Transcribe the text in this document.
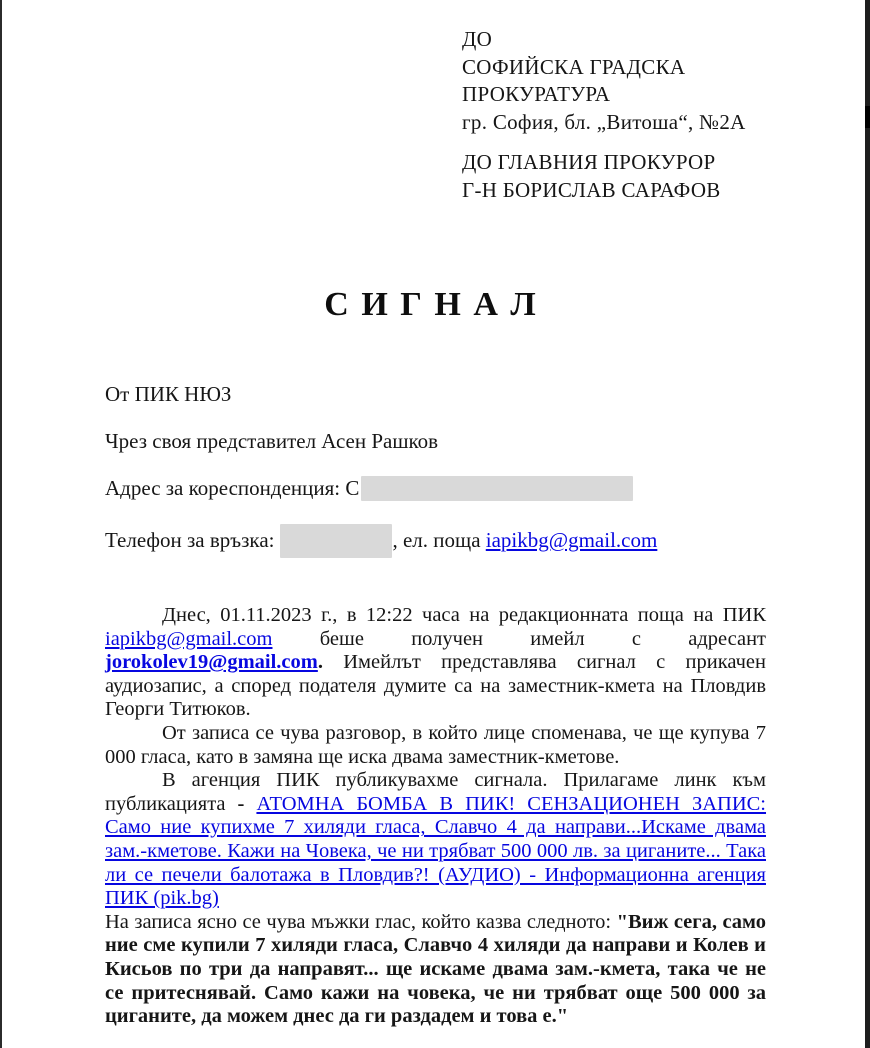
ДО
СОФИЙСКА ГРАДСКА
ПРОКУРАТУРА
гр. София, бл. „Витоша“, №2А
ДО ГЛАВНИЯ ПРОКУРОР
Г-Н БОРИСЛАВ САРАФОВ
С И Г Н А Л
От ПИК НЮЗ
Чрез своя представител Асен Рашков
Адрес за кореспонденция: С
Телефон за връзка:	, ел. поща iapikbg@gmail.com

Днес, 01.11.2023 г., в 12:22 часа на редакционната поща на ПИК iapikbg@gmail.com беше получен имейл с адресант jorokolev19@gmail.com. Имейлът представлява сигнал с прикачен аудиозапис, а според подателя думите са на заместник-кмета на Пловдив Георги Титюков.

От записа се чува разговор, в който лице споменава, че ще купува 7 000 гласа, като в замяна ще иска двама заместник-кметове.

В агенция ПИК публикувахме сигнала. Прилагаме линк към публикацията - АТОМНА БОМБА В ПИК! СЕНЗАЦИОНЕН ЗАПИС: Само ние купихме 7 хиляди гласа, Славчо 4 да направи...Искаме двама зам.-кметове. Кажи на Човека, че ни трябват 500 000 лв. за циганите... Така ли се печели балотажа в Пловдив?! (АУДИО) - Информационна агенция ПИК (pik.bg)

На записа ясно се чува мъжки глас, който казва следното: "Виж сега, само ние сме купили 7 хиляди гласа, Славчо 4 хиляди да направи и Колев и Кисьов по три да направят... ще искаме двама зам.-кмета, така че не се притеснявай. Само кажи на човека, че ни трябват още 500 000 за циганите, да можем днес да ги раздадем и това е."
